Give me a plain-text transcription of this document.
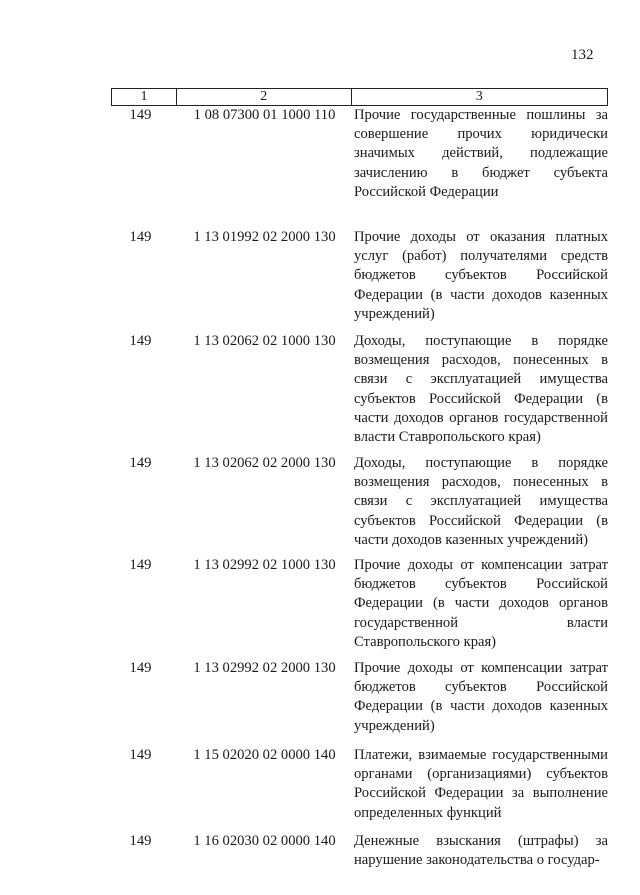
132
1	2	3
149	1 08 07300 01 1000 110	Прочие государственные пошлины за совершение прочих юридически значимых действий, подлежащие зачислению в бюджет субъекта Российской Федерации
149	1 13 01992 02 2000 130	Прочие доходы от оказания платных услуг (работ) получателями средств бюджетов субъектов Российской Федерации (в части доходов казенных учреждений)
149	1 13 02062 02 1000 130	Доходы, поступающие в порядке возмещения расходов, понесенных в связи с эксплуатацией имущества субъектов Российской Федерации (в части доходов органов государственной власти Ставропольского края)
149	1 13 02062 02 2000 130	Доходы, поступающие в порядке возмещения расходов, понесенных в связи с эксплуатацией имущества субъектов Российской Федерации (в части доходов казенных учреждений)
149	1 13 02992 02 1000 130	Прочие доходы от компенсации затрат бюджетов субъектов Российской Федерации (в части доходов органов государственной власти Ставропольского края)
149	1 13 02992 02 2000 130	Прочие доходы от компенсации затрат бюджетов субъектов Российской Федерации (в части доходов казенных учреждений)
149	1 15 02020 02 0000 140	Платежи, взимаемые государственными органами (организациями) субъектов Российской Федерации за выполнение определенных функций
149	1 16 02030 02 0000 140	Денежные взыскания (штрафы) за нарушение законодательства о государ-
